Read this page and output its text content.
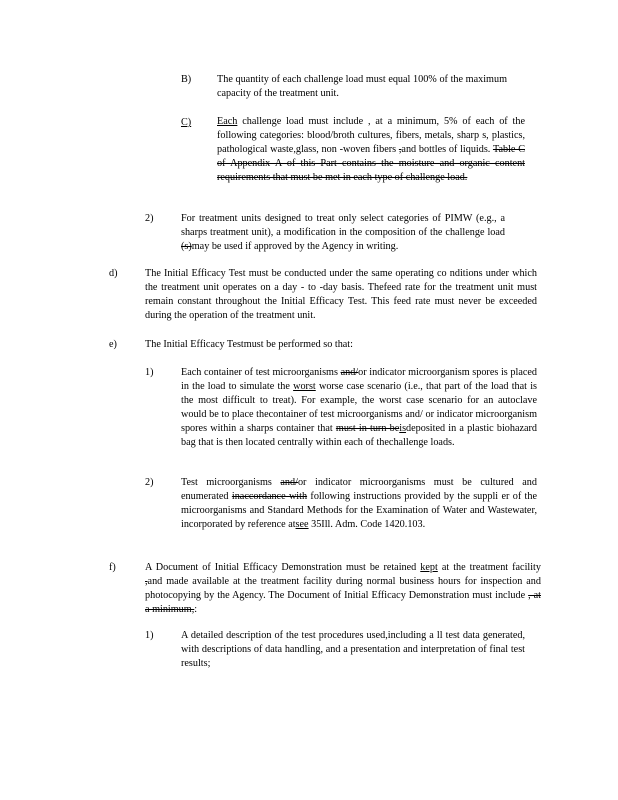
B)	The quantity of each challenge load must equal 100% of the maximum capacity of the treatment unit.
C)	Each challenge load must include , at a minimum, 5% of each of the following categories: blood/broth cultures, fibers, metals, sharp s, plastics, pathological waste,glass, non -woven fibers ,and bottles of liquids. Table C of Appendix A of this Part contains the moisture and organic content requirements that must be met in each type of challenge load.
2)	For treatment units designed to treat only select categories of PIMW (e.g., a sharps treatment unit), a modification in the composition of the challenge load (s)may be used if approved by the Agency in writing.
d)	The Initial Efficacy Test must be conducted under the same operating co nditions under which the treatment unit operates on a day - to -day basis. Thefeed rate for the treatment unit must remain constant throughout the Initial Efficacy Test. This feed rate must never be exceeded during the operation of the treatment unit.
e)	The Initial Efficacy Testmust be performed so that:
1)	Each container of test microorganisms and/or indicator microorganism spores is placed in the load to simulate the worst worse case scenario (i.e., that part of the load that is the most difficult to treat). For example, the worst case scenario for an autoclave would be to place thecontainer of test microorganisms and/ or indicator microorganism spores within a sharps container that must in turn beisdeposited in a plastic biohazard bag that is then located centrally within each of thechallenge loads.
2)	Test microorganisms and/or indicator microorganisms must be cultured and enumerated inaccordance with following instructions provided by the suppli er of the microorganisms and Standard Methods for the Examination of Water and Wastewater, incorporated by reference atsee 35Ill. Adm. Code 1420.103.
f)	A Document of Initial Efficacy Demonstration must be retained kept at the treatment facility ,and made available at the treatment facility during normal business hours for inspection and photocopying by the Agency. The Document of Initial Efficacy Demonstration must include , at a minimum,:
1)	A detailed description of the test procedures used,including a ll test data generated, with descriptions of data handling, and a presentation and interpretation of final test results;
